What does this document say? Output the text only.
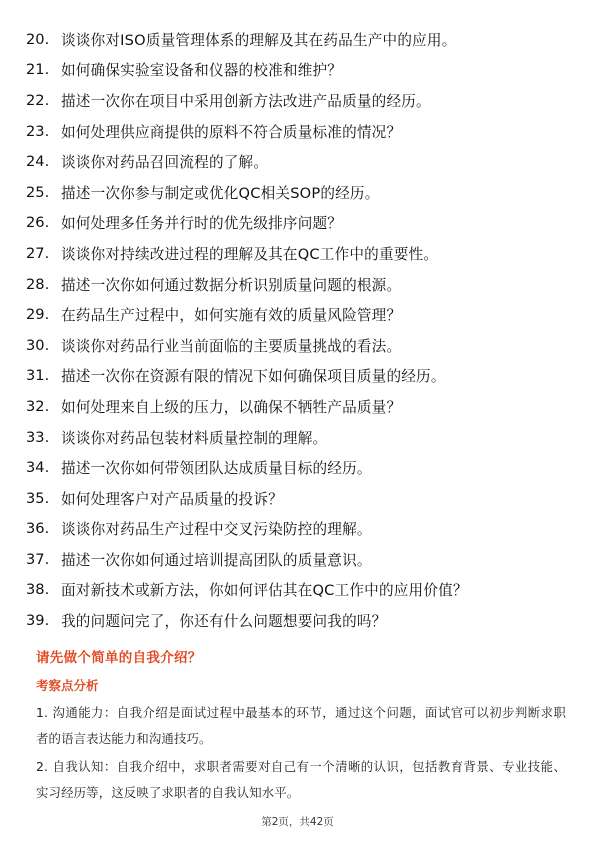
20. 谈谈你对ISO质量管理体系的理解及其在药品生产中的应用。
21. 如何确保实验室设备和仪器的校准和维护？
22. 描述一次你在项目中采用创新方法改进产品质量的经历。
23. 如何处理供应商提供的原料不符合质量标准的情况？
24. 谈谈你对药品召回流程的了解。
25. 描述一次你参与制定或优化QC相关SOP的经历。
26. 如何处理多任务并行时的优先级排序问题？
27. 谈谈你对持续改进过程的理解及其在QC工作中的重要性。
28. 描述一次你如何通过数据分析识别质量问题的根源。
29. 在药品生产过程中，如何实施有效的质量风险管理？
30. 谈谈你对药品行业当前面临的主要质量挑战的看法。
31. 描述一次你在资源有限的情况下如何确保项目质量的经历。
32. 如何处理来自上级的压力，以确保不牺牲产品质量？
33. 谈谈你对药品包装材料质量控制的理解。
34. 描述一次你如何带领团队达成质量目标的经历。
35. 如何处理客户对产品质量的投诉？
36. 谈谈你对药品生产过程中交叉污染防控的理解。
37. 描述一次你如何通过培训提高团队的质量意识。
38. 面对新技术或新方法，你如何评估其在QC工作中的应用价值？
39. 我的问题问完了，你还有什么问题想要问我的吗？
请先做个简单的自我介绍？
考察点分析
1. 沟通能力：自我介绍是面试过程中最基本的环节，通过这个问题，面试官可以初步判断求职者的语言表达能力和沟通技巧。
2. 自我认知：自我介绍中，求职者需要对自己有一个清晰的认识，包括教育背景、专业技能、实习经历等，这反映了求职者的自我认知水平。
第2页，共42页
